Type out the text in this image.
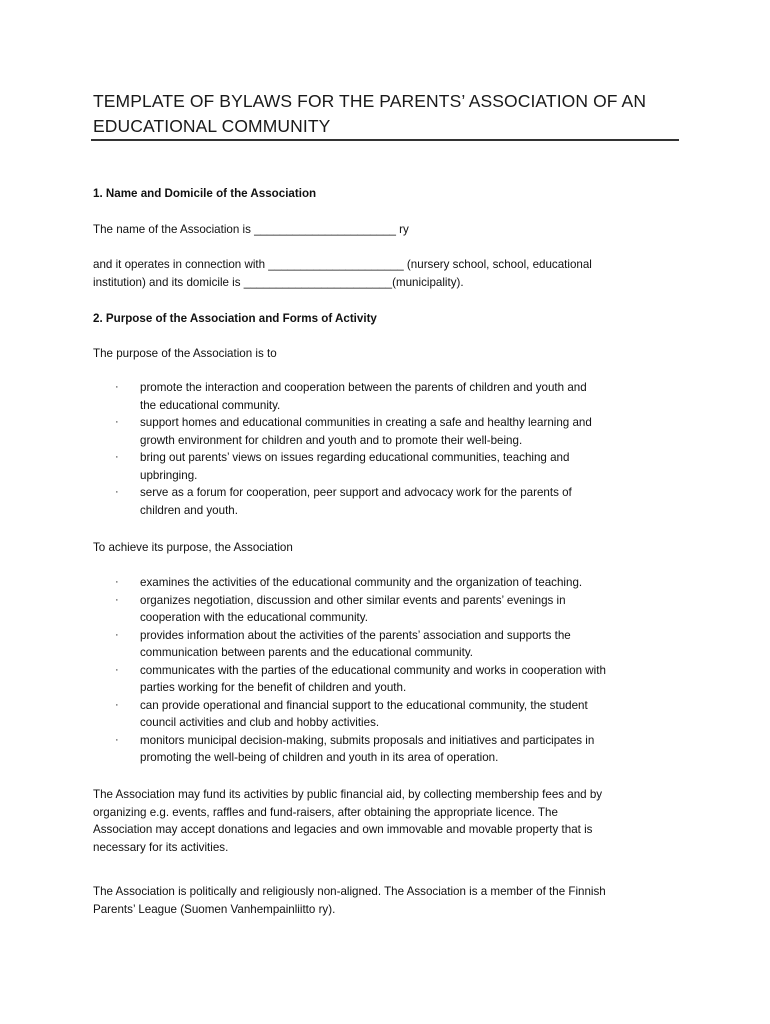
TEMPLATE OF BYLAWS FOR THE PARENTS’ ASSOCIATION OF AN
EDUCATIONAL COMMUNITY
1. Name and Domicile of the Association
The name of the Association is ______________________ ry
and it operates in connection with _____________________ (nursery school, school, educational
institution) and its domicile is _______________________(municipality).
2. Purpose of the Association and Forms of Activity
The purpose of the Association is to
· promote the interaction and cooperation between the parents of children and youth and
the educational community.
· support homes and educational communities in creating a safe and healthy learning and
growth environment for children and youth and to promote their well-being.
· bring out parents’ views on issues regarding educational communities, teaching and
upbringing.
· serve as a forum for cooperation, peer support and advocacy work for the parents of
children and youth.
To achieve its purpose, the Association
· examines the activities of the educational community and the organization of teaching.
· organizes negotiation, discussion and other similar events and parents’ evenings in
cooperation with the educational community.
· provides information about the activities of the parents’ association and supports the
communication between parents and the educational community.
· communicates with the parties of the educational community and works in cooperation with
parties working for the benefit of children and youth.
· can provide operational and financial support to the educational community, the student
council activities and club and hobby activities.
· monitors municipal decision-making, submits proposals and initiatives and participates in
promoting the well-being of children and youth in its area of operation.
The Association may fund its activities by public financial aid, by collecting membership fees and by
organizing e.g. events, raffles and fund-raisers, after obtaining the appropriate licence. The
Association may accept donations and legacies and own immovable and movable property that is
necessary for its activities.
The Association is politically and religiously non-aligned. The Association is a member of the Finnish
Parents’ League (Suomen Vanhempainliitto ry).
